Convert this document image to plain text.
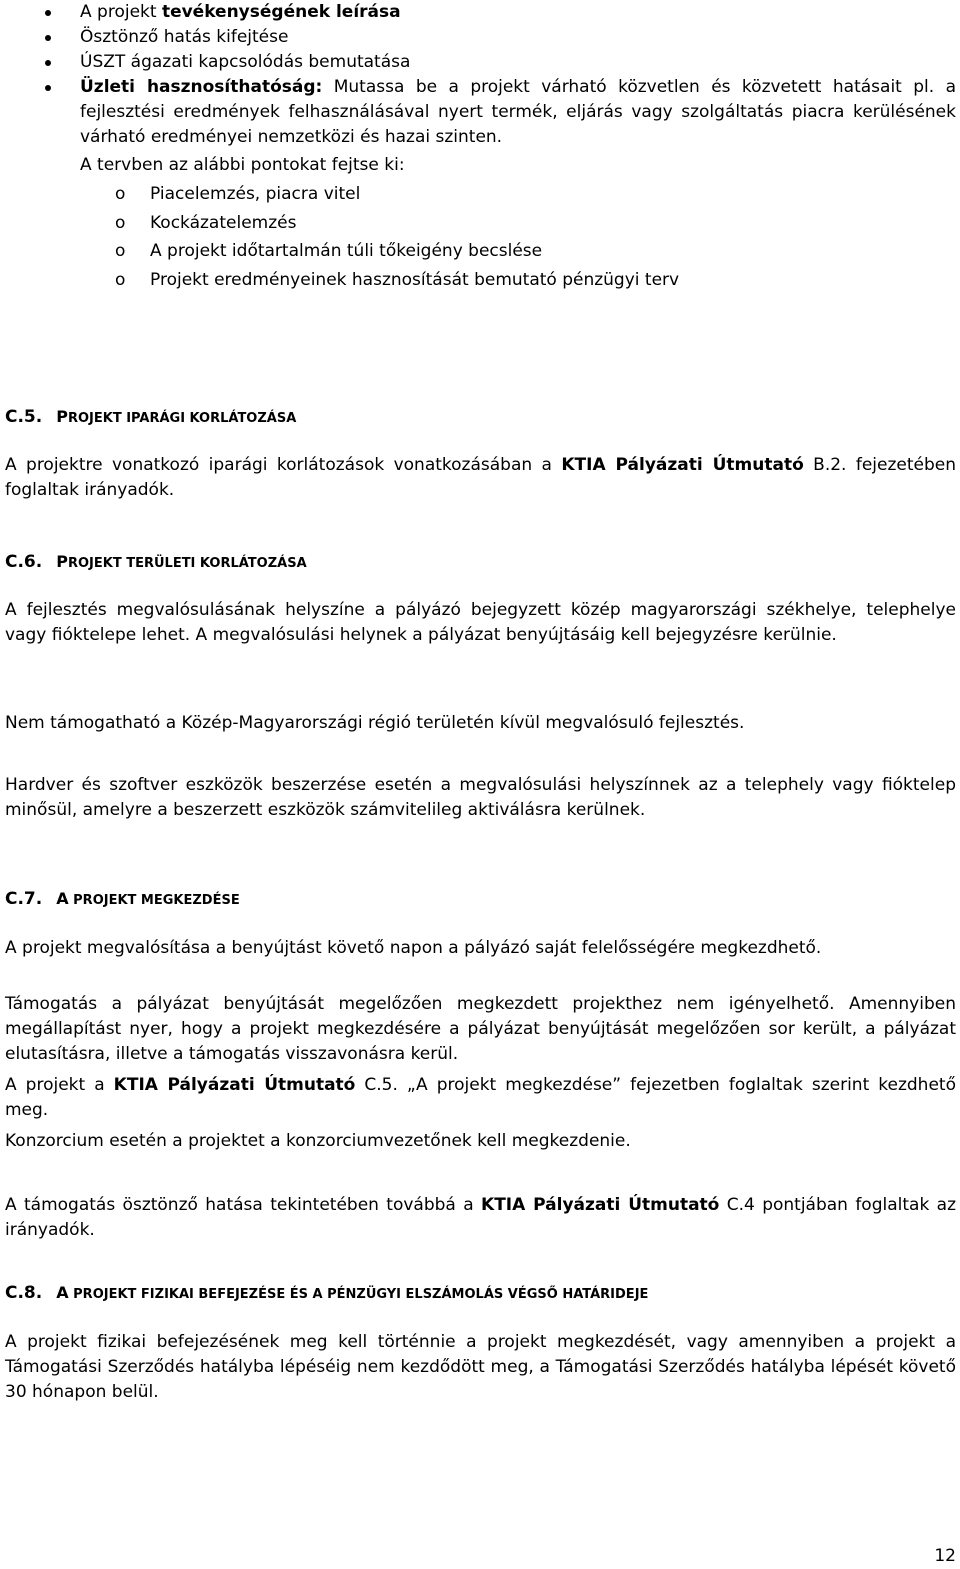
A projekt tevékenységének leírása
Ösztönző hatás kifejtése
ÚSZT ágazati kapcsolódás bemutatása
Üzleti hasznosíthatóság: Mutassa be a projekt várható közvetlen és közvetett hatásait pl. a fejlesztési eredmények felhasználásával nyert termék, eljárás vagy szolgáltatás piacra kerülésének várható eredményei nemzetközi és hazai szinten.
A tervben az alábbi pontokat fejtse ki:
o Piacelemzés, piacra vitel
o Kockázatelemzés
o A projekt időtartalmán túli tőkeigény becslése
o Projekt eredményeinek hasznosítását bemutató pénzügyi terv
C.5. PROJEKT IPARÁGI KORLÁTOZÁSA
A projektre vonatkozó iparági korlátozások vonatkozásában a KTIA Pályázati Útmutató B.2. fejezetében foglaltak irányadók.
C.6. PROJEKT TERÜLETI KORLÁTOZÁSA
A fejlesztés megvalósulásának helyszíne a pályázó bejegyzett közép magyarországi székhelye, telephelye vagy fióktelepe lehet. A megvalósulási helynek a pályázat benyújtásáig kell bejegyzésre kerülnie.
Nem támogatható a Közép-Magyarországi régió területén kívül megvalósuló fejlesztés.
Hardver és szoftver eszközök beszerzése esetén a megvalósulási helyszínnek az a telephely vagy fióktelep minősül, amelyre a beszerzett eszközök számvitelileg aktiválásra kerülnek.
C.7. A PROJEKT MEGKEZDÉSE
A projekt megvalósítása a benyújtást követő napon a pályázó saját felelősségére megkezdhető.
Támogatás a pályázat benyújtását megelőzően megkezdett projekthez nem igényelhető. Amennyiben megállapítást nyer, hogy a projekt megkezdésére a pályázat benyújtását megelőzően sor került, a pályázat elutasításra, illetve a támogatás visszavonásra kerül.
A projekt a KTIA Pályázati Útmutató C.5. „A projekt megkezdése” fejezetben foglaltak szerint kezdhető meg.
Konzorcium esetén a projektet a konzorciumvezetőnek kell megkezdenie.
A támogatás ösztönző hatása tekintetében továbbá a KTIA Pályázati Útmutató C.4 pontjában foglaltak az irányadók.
C.8. A PROJEKT FIZIKAI BEFEJEZÉSE ÉS A PÉNZÜGYI ELSZÁMOLÁS VÉGSŐ HATÁRIDEJE
A projekt fizikai befejezésének meg kell történnie a projekt megkezdését, vagy amennyiben a projekt a Támogatási Szerződés hatályba lépéséig nem kezdődött meg, a Támogatási Szerződés hatályba lépését követő 30 hónapon belül.
12
